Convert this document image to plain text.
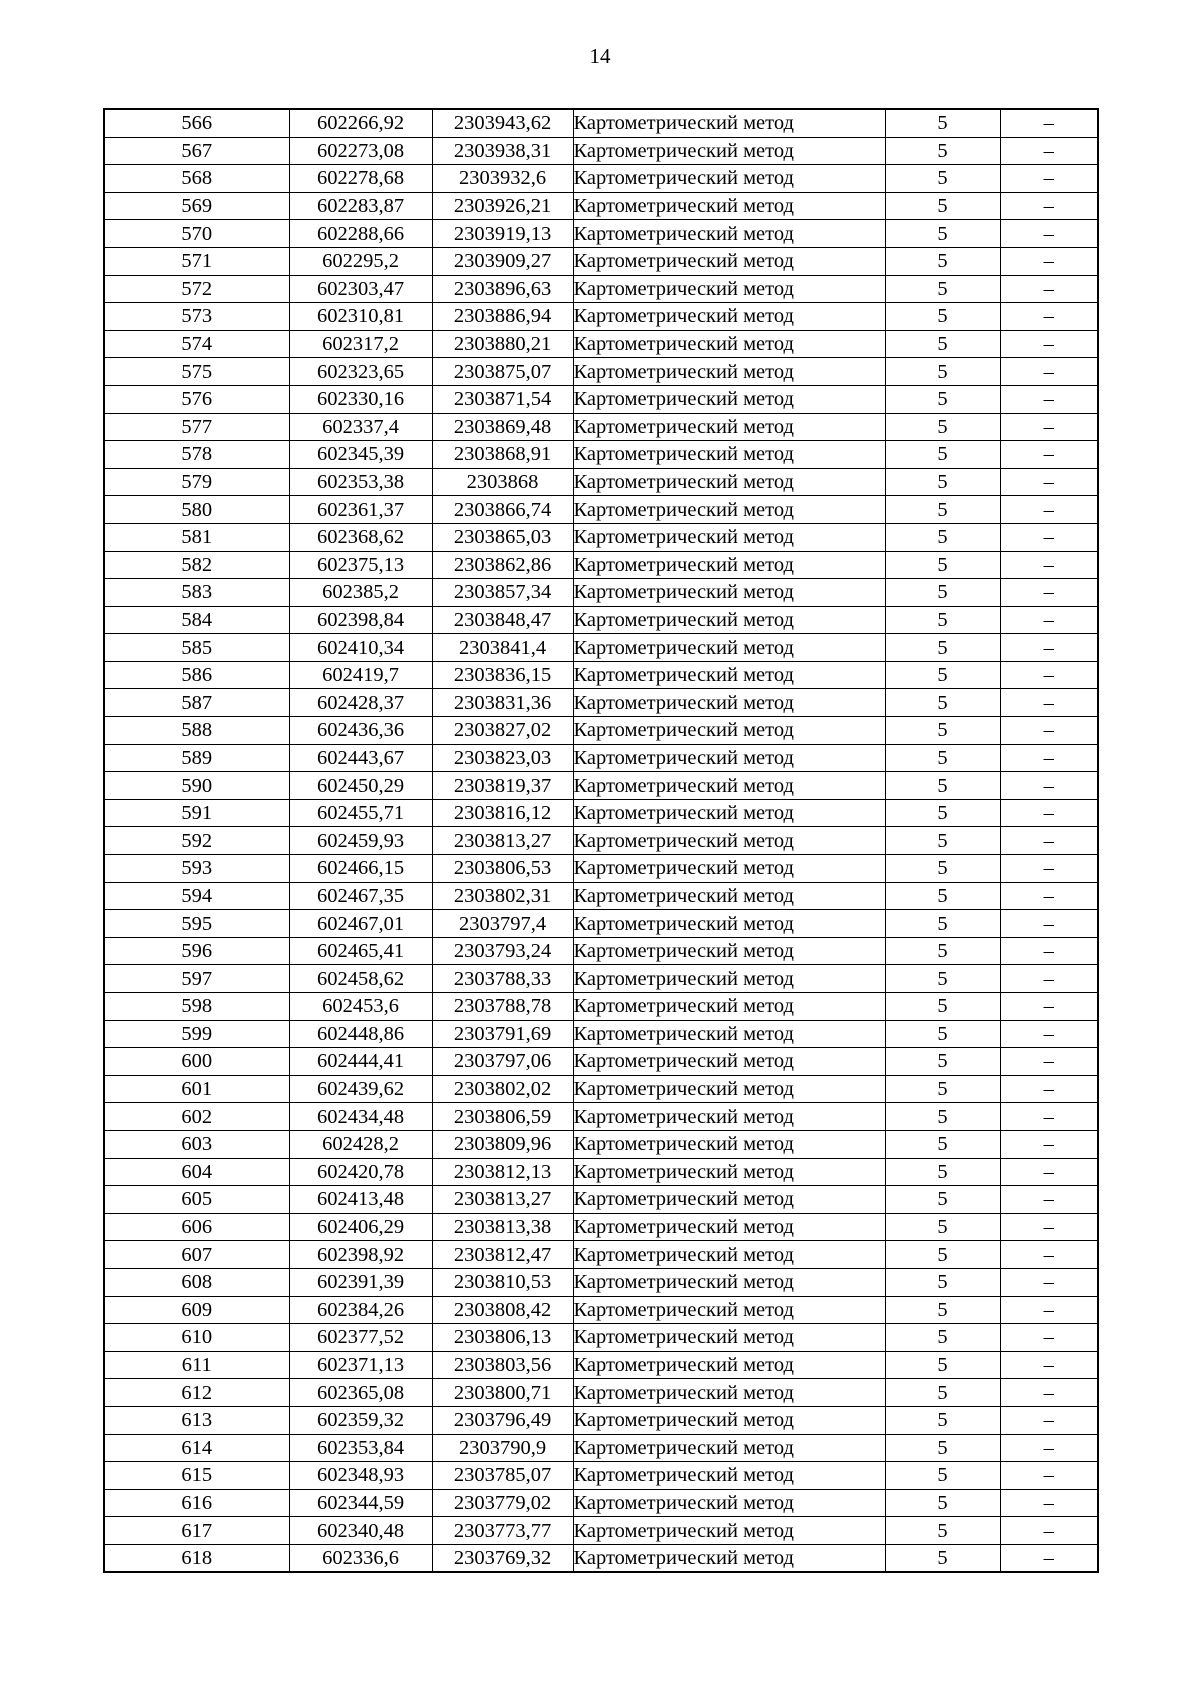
14
566	602266,92	2303943,62	Картометрический метод	5	–
567	602273,08	2303938,31	Картометрический метод	5	–
568	602278,68	2303932,6	Картометрический метод	5	–
569	602283,87	2303926,21	Картометрический метод	5	–
570	602288,66	2303919,13	Картометрический метод	5	–
571	602295,2	2303909,27	Картометрический метод	5	–
572	602303,47	2303896,63	Картометрический метод	5	–
573	602310,81	2303886,94	Картометрический метод	5	–
574	602317,2	2303880,21	Картометрический метод	5	–
575	602323,65	2303875,07	Картометрический метод	5	–
576	602330,16	2303871,54	Картометрический метод	5	–
577	602337,4	2303869,48	Картометрический метод	5	–
578	602345,39	2303868,91	Картометрический метод	5	–
579	602353,38	2303868	Картометрический метод	5	–
580	602361,37	2303866,74	Картометрический метод	5	–
581	602368,62	2303865,03	Картометрический метод	5	–
582	602375,13	2303862,86	Картометрический метод	5	–
583	602385,2	2303857,34	Картометрический метод	5	–
584	602398,84	2303848,47	Картометрический метод	5	–
585	602410,34	2303841,4	Картометрический метод	5	–
586	602419,7	2303836,15	Картометрический метод	5	–
587	602428,37	2303831,36	Картометрический метод	5	–
588	602436,36	2303827,02	Картометрический метод	5	–
589	602443,67	2303823,03	Картометрический метод	5	–
590	602450,29	2303819,37	Картометрический метод	5	–
591	602455,71	2303816,12	Картометрический метод	5	–
592	602459,93	2303813,27	Картометрический метод	5	–
593	602466,15	2303806,53	Картометрический метод	5	–
594	602467,35	2303802,31	Картометрический метод	5	–
595	602467,01	2303797,4	Картометрический метод	5	–
596	602465,41	2303793,24	Картометрический метод	5	–
597	602458,62	2303788,33	Картометрический метод	5	–
598	602453,6	2303788,78	Картометрический метод	5	–
599	602448,86	2303791,69	Картометрический метод	5	–
600	602444,41	2303797,06	Картометрический метод	5	–
601	602439,62	2303802,02	Картометрический метод	5	–
602	602434,48	2303806,59	Картометрический метод	5	–
603	602428,2	2303809,96	Картометрический метод	5	–
604	602420,78	2303812,13	Картометрический метод	5	–
605	602413,48	2303813,27	Картометрический метод	5	–
606	602406,29	2303813,38	Картометрический метод	5	–
607	602398,92	2303812,47	Картометрический метод	5	–
608	602391,39	2303810,53	Картометрический метод	5	–
609	602384,26	2303808,42	Картометрический метод	5	–
610	602377,52	2303806,13	Картометрический метод	5	–
611	602371,13	2303803,56	Картометрический метод	5	–
612	602365,08	2303800,71	Картометрический метод	5	–
613	602359,32	2303796,49	Картометрический метод	5	–
614	602353,84	2303790,9	Картометрический метод	5	–
615	602348,93	2303785,07	Картометрический метод	5	–
616	602344,59	2303779,02	Картометрический метод	5	–
617	602340,48	2303773,77	Картометрический метод	5	–
618	602336,6	2303769,32	Картометрический метод	5	–
